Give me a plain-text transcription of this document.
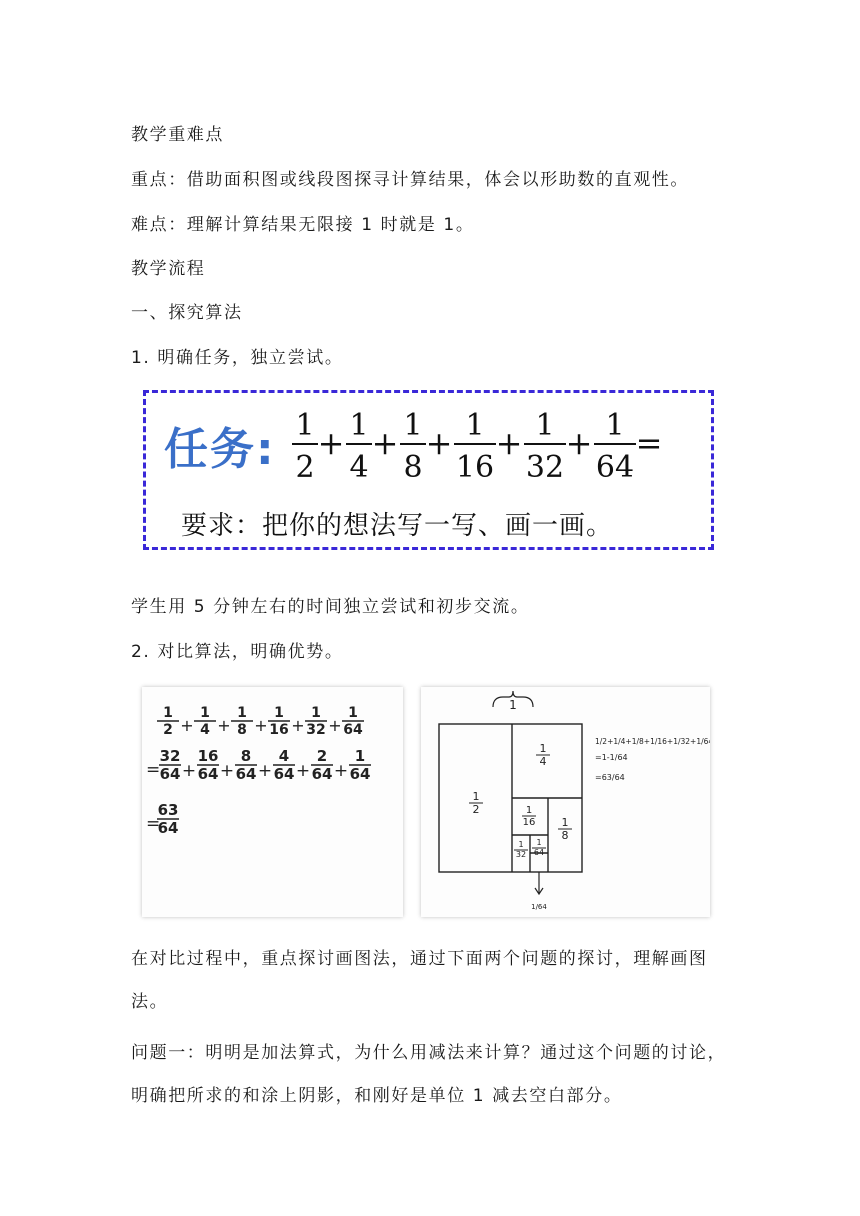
教学重难点
重点：借助面积图或线段图探寻计算结果，体会以形助数的直观性。
难点：理解计算结果无限接 1 时就是 1。
教学流程
一、探究算法
1. 明确任务，独立尝试。
任务: 1
2
+ 1
4
+ 1
8
+ 1
16
+ 1
32
+ 1
64
=
要求：把你的想法写一写、画一画。
学生用 5 分钟左右的时间独立尝试和初步交流。
2. 对比算法，明确优势。
1
2 +
1
4 +
1
8 +
1
16 +
1
32 +
1
64
=
32
64 +
16
64 +
8
64 +
4
64 +
2
64 +
1
64
=
63
64
1
1
2
1
4
1
8
1
16
1
32
1
64
1/64
1/2+1/4+1/8+1/16+1/32+1/64
=1-1/64
=63/64
在对比过程中，重点探讨画图法，通过下面两个问题的探讨，理解画图法。
问题一：明明是加法算式，为什么用减法来计算？通过这个问题的讨论，明确把所求的和涂上阴影，和刚好是单位 1 减去空白部分。
